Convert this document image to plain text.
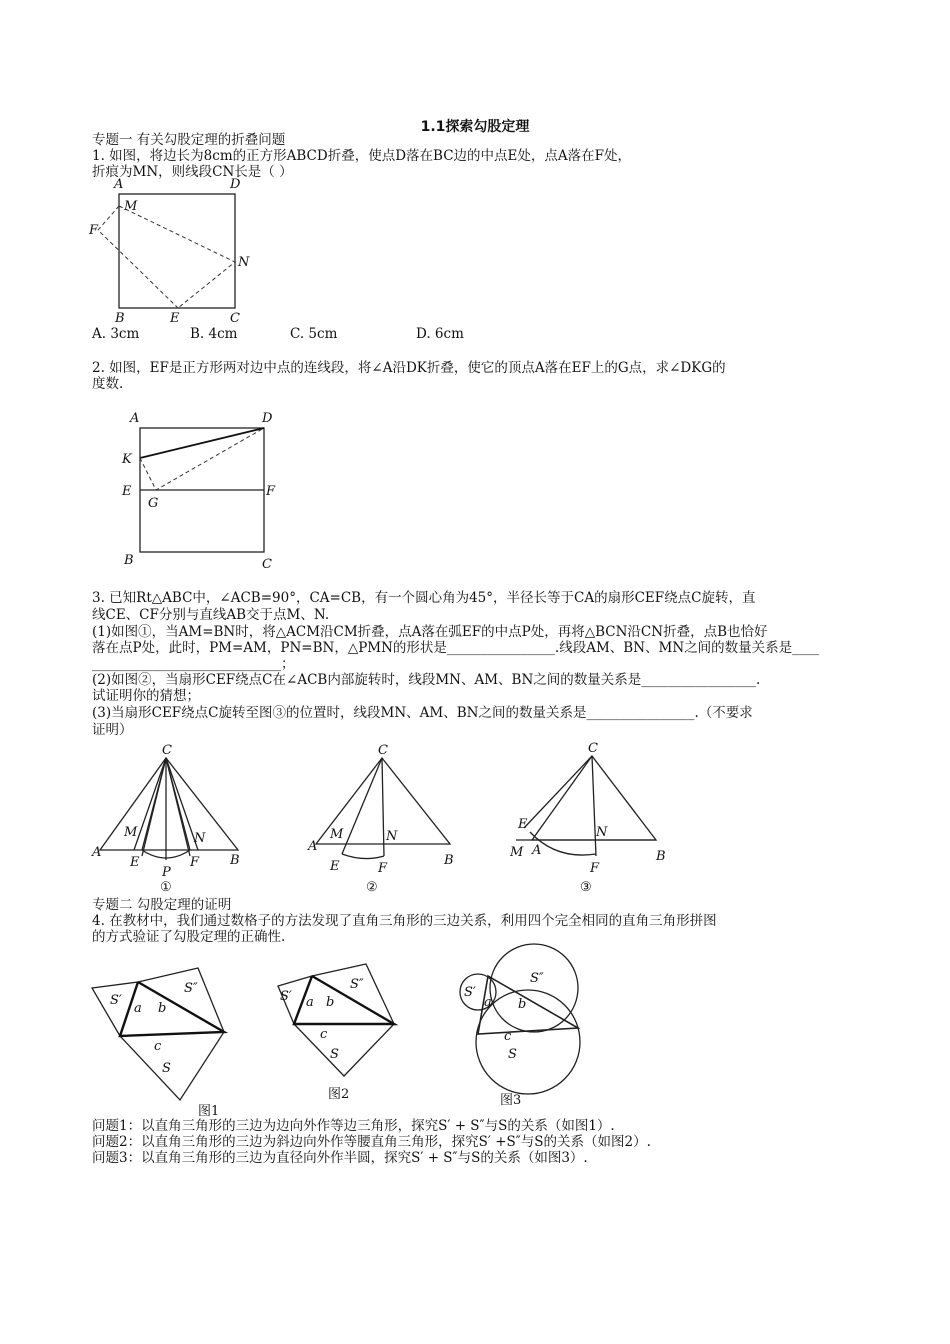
1.1探索勾股定理
专题一 有关勾股定理的折叠问题
1. 如图，将边长为8cm的正方形ABCD折叠，使点D落在BC边的中点E处，点A落在F处，
折痕为MN，则线段CN长是（ ）
A	D
M
F
N
B	E	C
A. 3cm	B. 4cm	C. 5cm	D. 6cm
2. 如图，EF是正方形两对边中点的连线段，将∠A沿DK折叠，使它的顶点A落在EF上的G点，求∠DKG的
度数.
A	D
K
E	F
G
B	C
3. 已知Rt△ABC中，∠ACB=90°，CA=CB，有一个圆心角为45°，半径长等于CA的扇形CEF绕点C旋转，直
线CE、CF分别与直线AB交于点M、N.
(1)如图①，当AM=BN时，将△ACM沿CM折叠，点A落在弧EF的中点P处，再将△BCN沿CN折叠，点B也恰好
落在点P处，此时，PM=AM，PN=BN，△PMN的形状是________________.线段AM、BN、MN之间的数量关系是____
____________________________；
(2)如图②，当扇形CEF绕点C在∠ACB内部旋转时，线段MN、AM、BN之间的数量关系是_________________.
试证明你的猜想；
(3)当扇形CEF绕点C旋转至图③的位置时，线段MN、AM、BN之间的数量关系是________________.（不要求
证明）
C
A
B
M	N
E	F
P
①
C
A
B
M	N
E	F
②
C
M A	B
E
N
F
③
专题二 勾股定理的证明
4. 在教材中，我们通过数格子的方法发现了直角三角形的三边关系，利用四个完全相同的直角三角形拼图
的方式验证了勾股定理的正确性.
S′
S″
a b
c
S
图1
S′
S″
a b
c
S
图2
S′
S″
a b
c
S
图3
问题1：以直角三角形的三边为边向外作等边三角形，探究S′ + S″与S的关系（如图1）.
问题2：以直角三角形的三边为斜边向外作等腰直角三角形，探究S′ +S″与S的关系（如图2）.
问题3：以直角三角形的三边为直径向外作半圆，探究S′ + S″与S的关系（如图3）.
